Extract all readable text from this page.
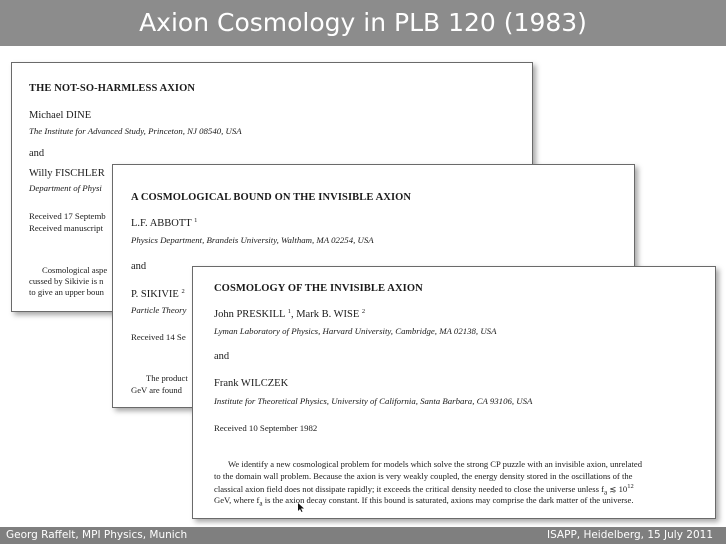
Axion Cosmology in PLB 120 (1983)
THE NOT-SO-HARMLESS AXION
Michael DINE
The Institute for Advanced Study, Princeton, NJ 08540, USA
and
Willy FISCHLER
Department of Physi
Received 17 Septemb
Received manuscript
Cosmological aspe
cussed by Sikivie is n
to give an upper boun
A COSMOLOGICAL BOUND ON THE INVISIBLE AXION
L.F. ABBOTT $^1$
Physics Department, Brandeis University, Waltham, MA 02254, USA
and
P. SIKIVIE $^2$
Particle Theory
Received 14 Se
The product
GeV are found
COSMOLOGY OF THE INVISIBLE AXION
John PRESKILL $^1$, Mark B. WISE $^2$
Lyman Laboratory of Physics, Harvard University, Cambridge, MA 02138, USA
and
Frank WILCZEK
Institute for Theoretical Physics, University of California, Santa Barbara, CA 93106, USA
Received 10 September 1982
We identify a new cosmological problem for models which solve the strong CP puzzle with an invisible axion, unrelated
to the domain wall problem. Because the axion is very weakly coupled, the energy density stored in the oscillations of the
classical axion field does not dissipate rapidly; it exceeds the critical density needed to close the universe unless $f_a$ ≲ $10^{12}$
GeV, where $f_a$ is the axion decay constant. If this bound is saturated, axions may comprise the dark matter of the universe.
Georg Raffelt, MPI Physics, Munich	ISAPP, Heidelberg, 15 July 2011
